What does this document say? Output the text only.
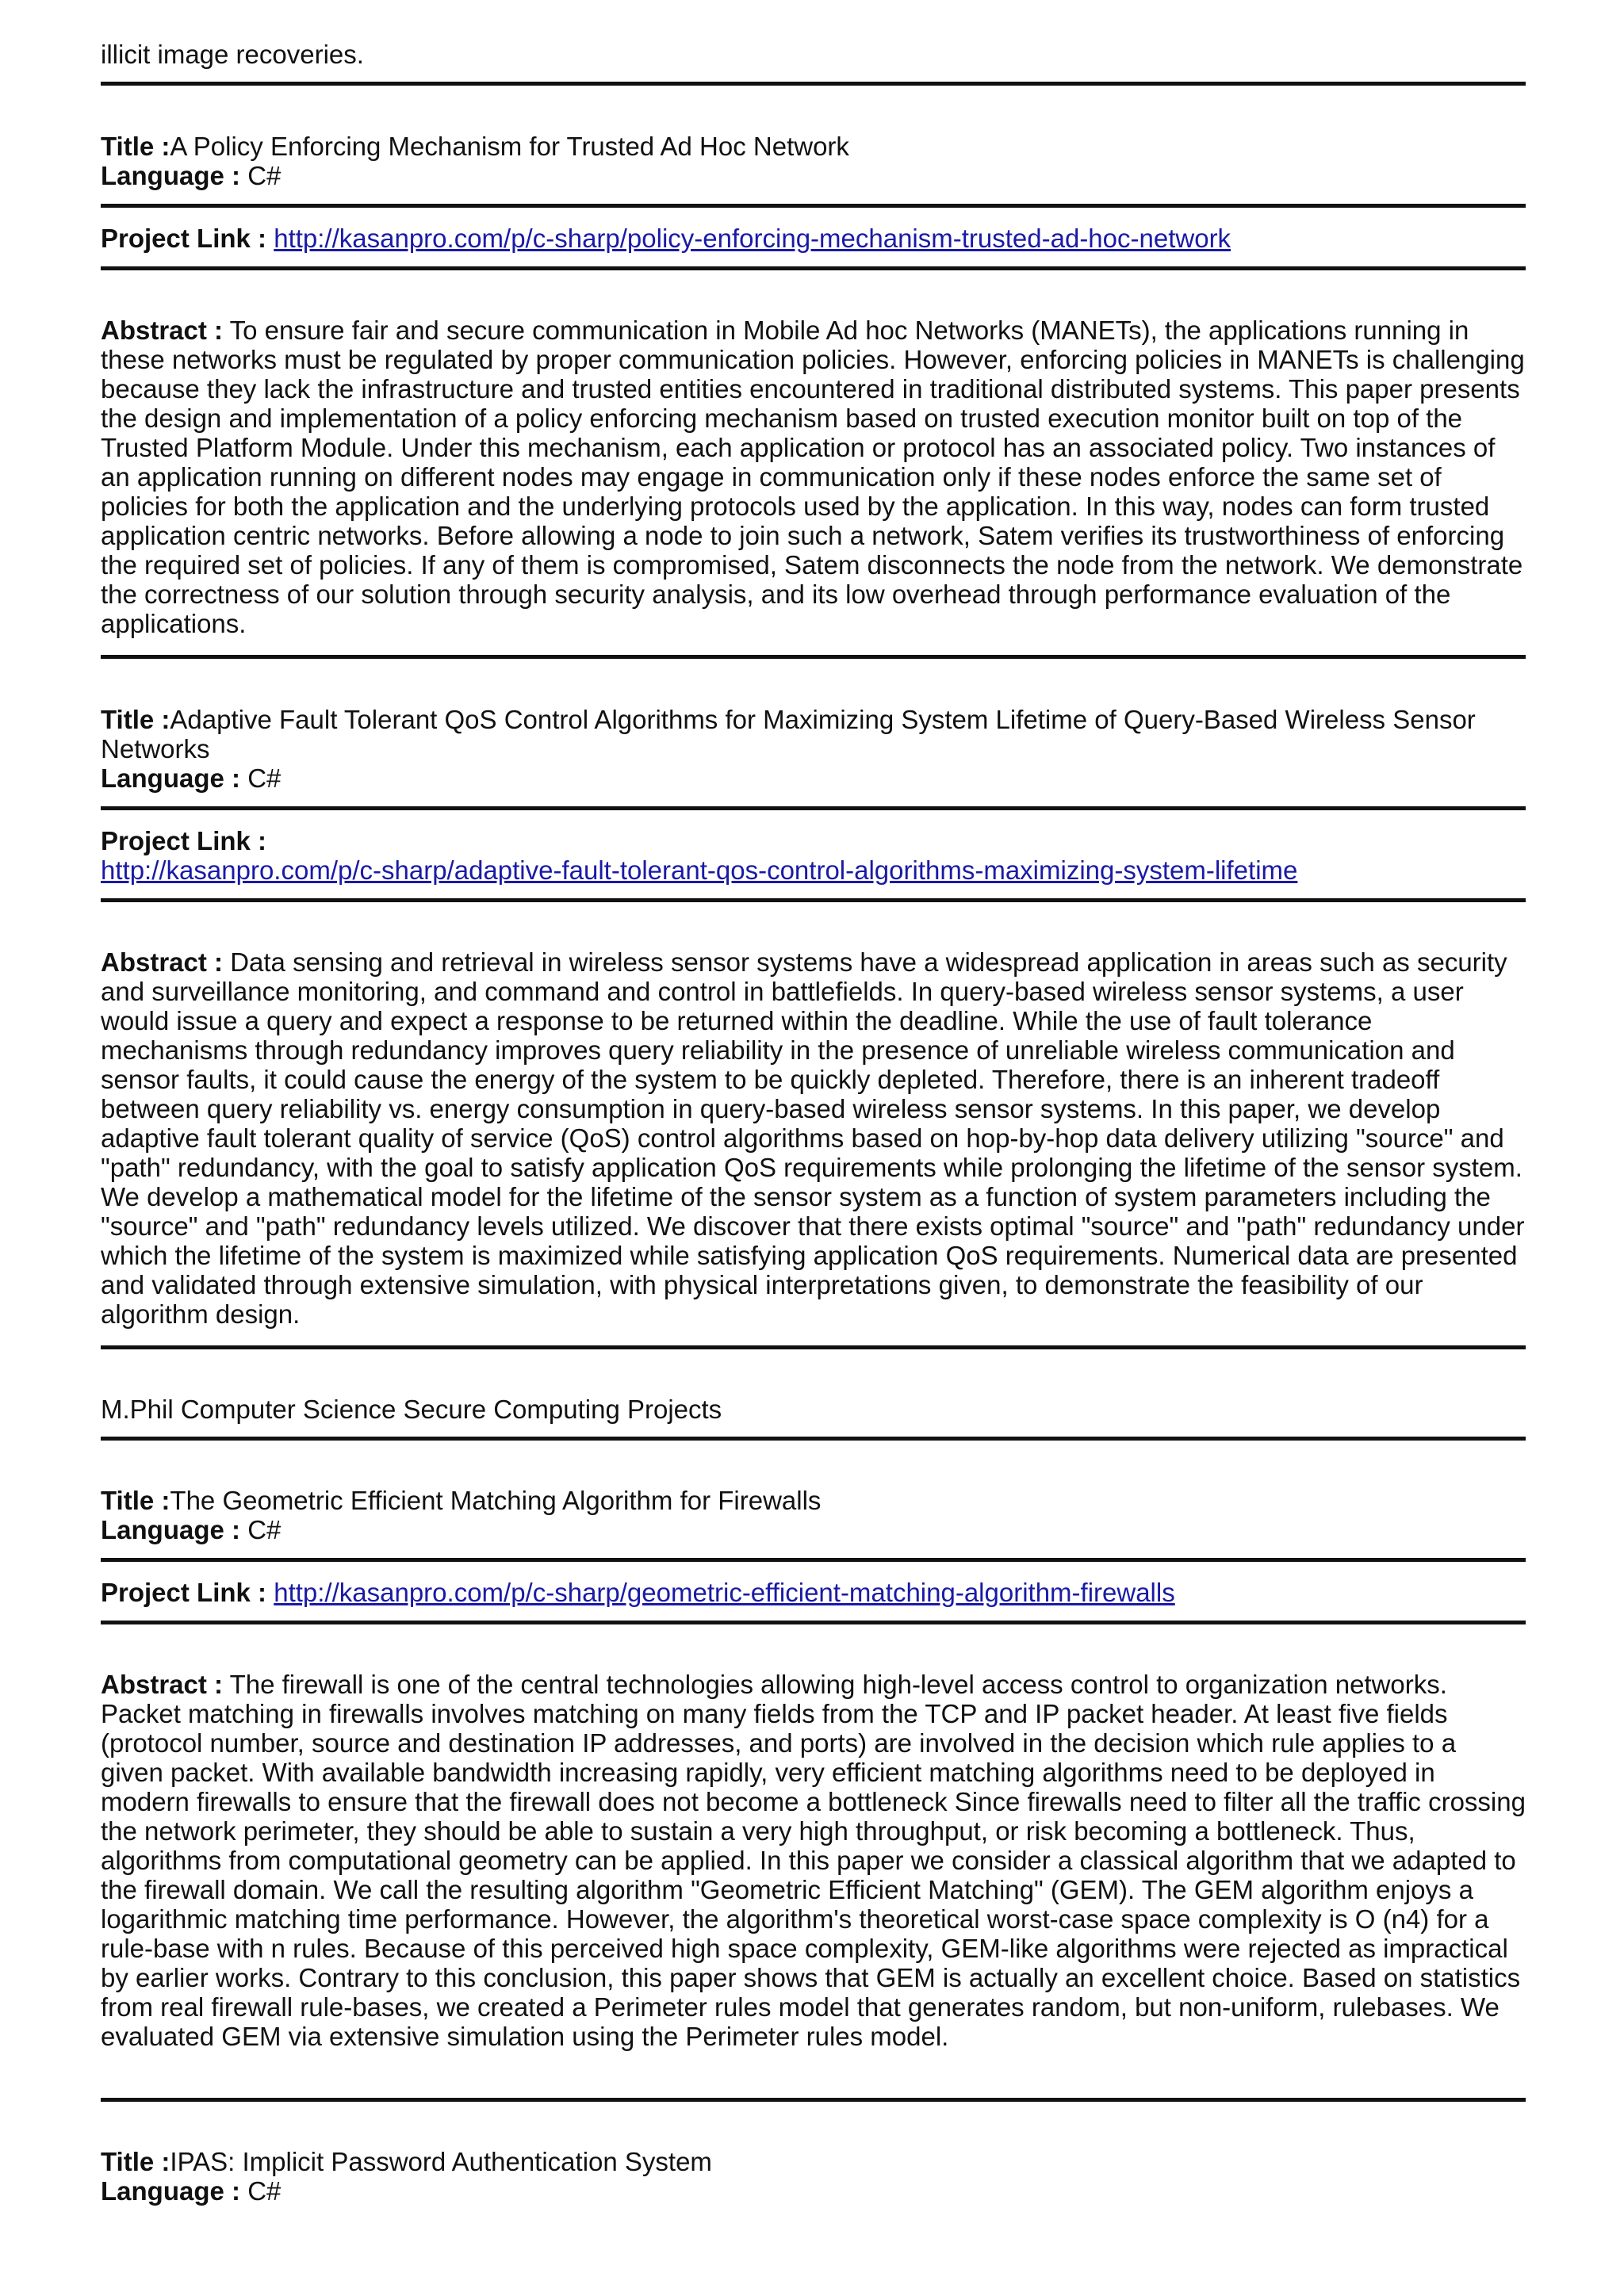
illicit image recoveries.
Title :A Policy Enforcing Mechanism for Trusted Ad Hoc Network
Language : C#
Project Link : http://kasanpro.com/p/c-sharp/policy-enforcing-mechanism-trusted-ad-hoc-network
Abstract : To ensure fair and secure communication in Mobile Ad hoc Networks (MANETs), the applications running in these networks must be regulated by proper communication policies. However, enforcing policies in MANETs is challenging because they lack the infrastructure and trusted entities encountered in traditional distributed systems. This paper presents the design and implementation of a policy enforcing mechanism based on trusted execution monitor built on top of the Trusted Platform Module. Under this mechanism, each application or protocol has an associated policy. Two instances of an application running on different nodes may engage in communication only if these nodes enforce the same set of policies for both the application and the underlying protocols used by the application. In this way, nodes can form trusted application centric networks. Before allowing a node to join such a network, Satem verifies its trustworthiness of enforcing the required set of policies. If any of them is compromised, Satem disconnects the node from the network. We demonstrate the correctness of our solution through security analysis, and its low overhead through performance evaluation of the applications.
Title :Adaptive Fault Tolerant QoS Control Algorithms for Maximizing System Lifetime of Query-Based Wireless Sensor Networks
Language : C#
Project Link :
http://kasanpro.com/p/c-sharp/adaptive-fault-tolerant-qos-control-algorithms-maximizing-system-lifetime
Abstract : Data sensing and retrieval in wireless sensor systems have a widespread application in areas such as security and surveillance monitoring, and command and control in battlefields. In query-based wireless sensor systems, a user would issue a query and expect a response to be returned within the deadline. While the use of fault tolerance mechanisms through redundancy improves query reliability in the presence of unreliable wireless communication and sensor faults, it could cause the energy of the system to be quickly depleted. Therefore, there is an inherent tradeoff between query reliability vs. energy consumption in query-based wireless sensor systems. In this paper, we develop adaptive fault tolerant quality of service (QoS) control algorithms based on hop-by-hop data delivery utilizing "source" and "path" redundancy, with the goal to satisfy application QoS requirements while prolonging the lifetime of the sensor system. We develop a mathematical model for the lifetime of the sensor system as a function of system parameters including the "source" and "path" redundancy levels utilized. We discover that there exists optimal "source" and "path" redundancy under which the lifetime of the system is maximized while satisfying application QoS requirements. Numerical data are presented and validated through extensive simulation, with physical interpretations given, to demonstrate the feasibility of our algorithm design.
M.Phil Computer Science Secure Computing Projects
Title :The Geometric Efficient Matching Algorithm for Firewalls
Language : C#
Project Link : http://kasanpro.com/p/c-sharp/geometric-efficient-matching-algorithm-firewalls
Abstract : The firewall is one of the central technologies allowing high-level access control to organization networks. Packet matching in firewalls involves matching on many fields from the TCP and IP packet header. At least five fields (protocol number, source and destination IP addresses, and ports) are involved in the decision which rule applies to a given packet. With available bandwidth increasing rapidly, very efficient matching algorithms need to be deployed in modern firewalls to ensure that the firewall does not become a bottleneck Since firewalls need to filter all the traffic crossing the network perimeter, they should be able to sustain a very high throughput, or risk becoming a bottleneck. Thus, algorithms from computational geometry can be applied. In this paper we consider a classical algorithm that we adapted to the firewall domain. We call the resulting algorithm "Geometric Efficient Matching" (GEM). The GEM algorithm enjoys a logarithmic matching time performance. However, the algorithm's theoretical worst-case space complexity is O (n4) for a rule-base with n rules. Because of this perceived high space complexity, GEM-like algorithms were rejected as impractical by earlier works. Contrary to this conclusion, this paper shows that GEM is actually an excellent choice. Based on statistics from real firewall rule-bases, we created a Perimeter rules model that generates random, but non-uniform, rulebases. We evaluated GEM via extensive simulation using the Perimeter rules model.
Title :IPAS: Implicit Password Authentication System
Language : C#
